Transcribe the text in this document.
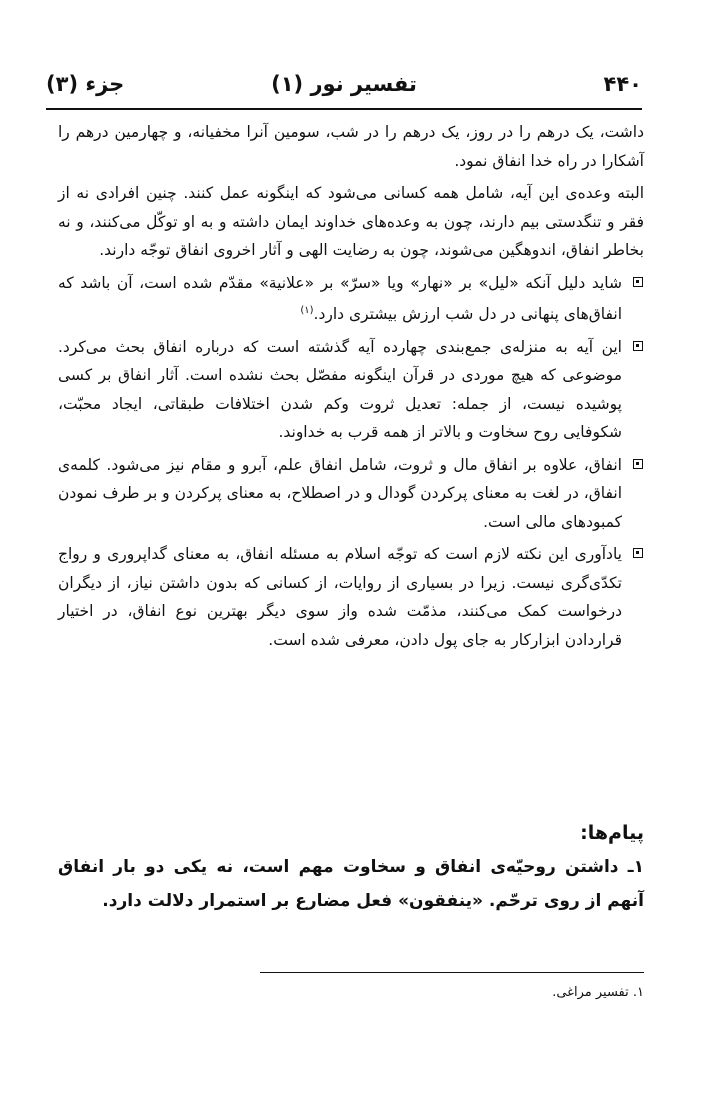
۴۴۰
تفسیر نور (۱)
جزء (۳)

داشت، یک درهم را در روز، یک درهم را در شب، سومین آنرا مخفیانه، و چهارمین درهم را آشکارا در راه خدا انفاق نمود.

البته وعده‌ی این آیه، شامل همه کسانی می‌شود که اینگونه عمل کنند. چنین افرادی نه از فقر و تنگدستی بیم دارند، چون به وعده‌های خداوند ایمان داشته و به او توکّل می‌کنند، و نه بخاطر انفاق، اندوهگین می‌شوند، چون به رضایت الهی و آثار اخروی انفاق توجّه دارند.

شاید دلیل آنکه «لیل» بر «نهار» ویا «سرّ» بر «علانیة» مقدّم شده است، آن باشد که انفاق‌های پنهانی در دل شب ارزش بیشتری دارد.$^{(۱)}$

این آیه به منزله‌ی جمع‌بندی چهارده آیه گذشته است که درباره انفاق بحث می‌کرد. موضوعی که هیچ موردی در قرآن اینگونه مفصّل بحث نشده است. آثار انفاق بر کسی پوشیده نیست، از جمله: تعدیل ثروت وکم شدن اختلافات طبقاتی، ایجاد محبّت، شکوفایی روح سخاوت و بالاتر از همه قرب به خداوند.

انفاق، علاوه بر انفاق مال و ثروت، شامل انفاق علم، آبرو و مقام نیز می‌شود. کلمه‌ی انفاق، در لغت به معنای پرکردن گودال و در اصطلاح، به معنای پرکردن و بر طرف نمودن کمبودهای مالی است.

یادآوری این نکته لازم است که توجّه اسلام به مسئله انفاق، به معنای گداپروری و رواج تکدّی‌گری نیست. زیرا در بسیاری از روایات، از کسانی که بدون داشتن نیاز، از دیگران درخواست کمک می‌کنند، مذمّت شده واز سوی دیگر بهترین نوع انفاق، در اختیار قراردادن ابزارکار به جای پول دادن، معرفی شده است.

پیام‌ها:

۱ـ داشتن روحیّه‌ی انفاق و سخاوت مهم است، نه یکی دو بار انفاق آنهم از روی ترحّم. «ینفقون» فعل مضارع بر استمرار دلالت دارد.

۱. تفسیر مراغی.
